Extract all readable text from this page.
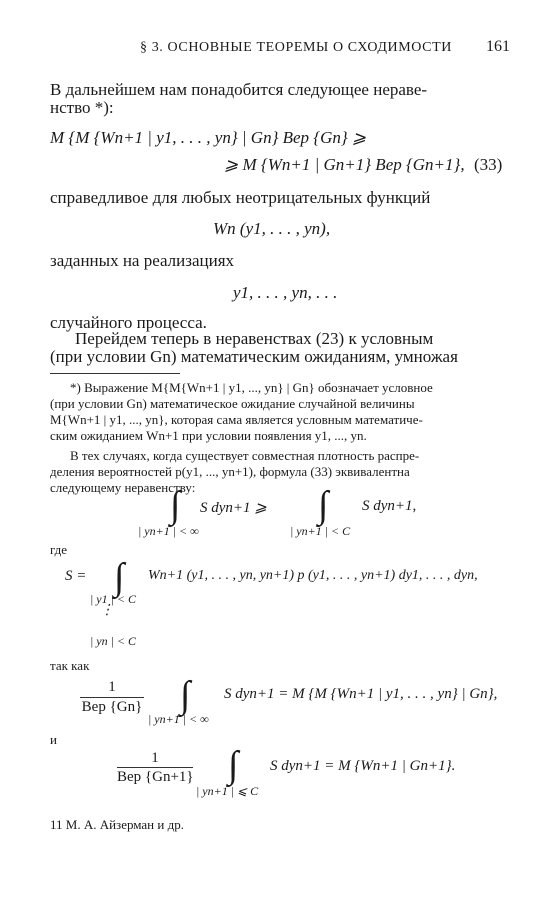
§ 3. ОСНОВНЫЕ ТЕОРЕМЫ О СХОДИМОСТИ 161
В дальнейшем нам понадобится следующее нераве-
нство *):
M {M {Wn+1 | y1, . . . , yn} | Gn} Bep {Gn} ⩾
⩾ M {Wn+1 | Gn+1} Bep {Gn+1}, (33)
справедливое для любых неотрицательных функций
Wn (y1, . . . , yn),
заданных на реализациях
y1, . . . , yn, . . .
случайного процесса.
Перейдем теперь в неравенствах (23) к условным
(при условии Gn) математическим ожиданиям, умножая
*) Выражение M{M{Wn+1 | y1, ..., yn} | Gn} обозначает условное
(при условии Gn) математическое ожидание случайной величины
M{Wn+1 | y1, ..., yn}, которая сама является условным математиче-
ским ожиданием Wn+1 при условии появления y1, ..., yn.
В тех случаях, когда существует совместная плотность распре-
деления вероятностей p(y1, ..., yn+1), формула (33) эквивалентна
следующему неравенству:
∫ S dyn+1 ⩾
| yn+1 | < ∞
∫ S dyn+1,
| yn+1 | < C
где
S = ∫ Wn+1 (y1, . . . , yn, yn+1) p (y1, . . . , yn+1) dy1, . . . , dyn,
| y1 | < C
⋮
| yn | < C
так как
1
Bep {Gn} ∫ S dyn+1 = M {M {Wn+1 | y1, . . . , yn} | Gn},
| yn+1 | < ∞
и
1
Bep {Gn+1} ∫ S dyn+1 = M {Wn+1 | Gn+1}.
| yn+1 | ⩽ C
11 М. А. Айзерман и др.
